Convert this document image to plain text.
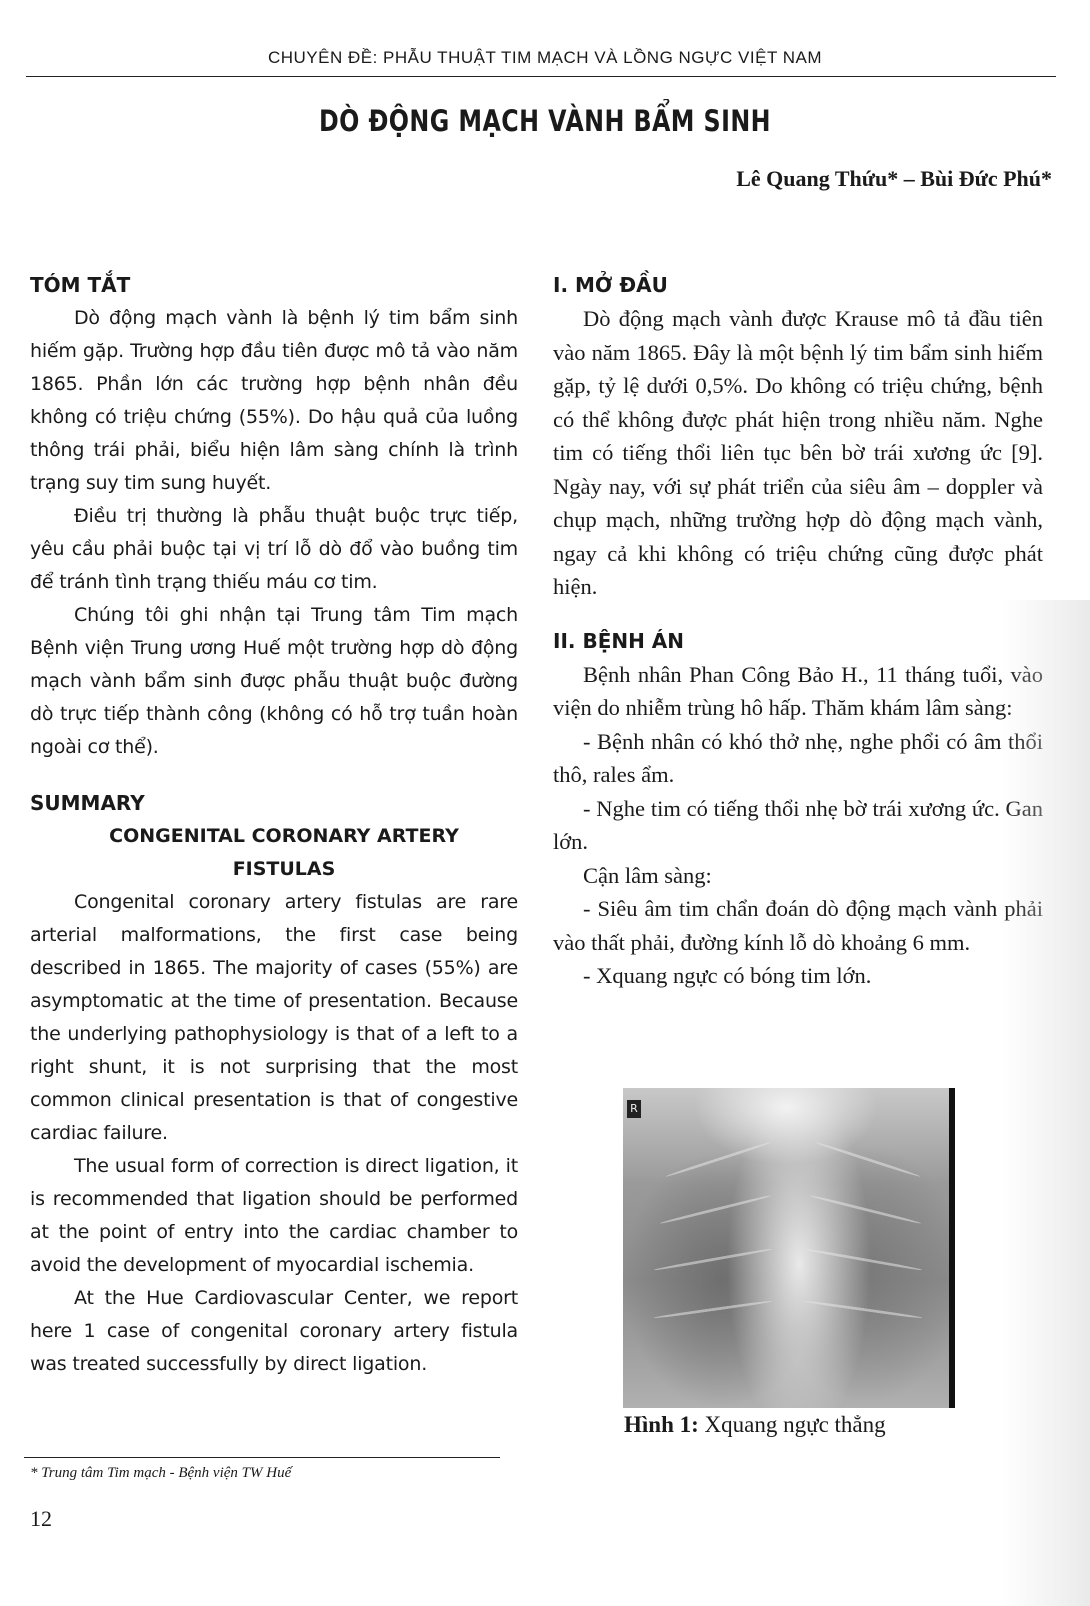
CHUYÊN ĐỀ: PHẪU THUẬT TIM MẠCH VÀ LỒNG NGỰC VIỆT NAM
DÒ ĐỘNG MẠCH VÀNH BẨM SINH
Lê Quang Thứu* – Bùi Đức Phú*
TÓM TẮT

Dò động mạch vành là bệnh lý tim bẩm sinh hiếm gặp. Trường hợp đầu tiên được mô tả vào năm 1865. Phần lớn các trường hợp bệnh nhân đều không có triệu chứng (55%). Do hậu quả của luồng thông trái phải, biểu hiện lâm sàng chính là trình trạng suy tim sung huyết.

Điều trị thường là phẫu thuật buộc trực tiếp, yêu cầu phải buộc tại vị trí lỗ dò đổ vào buồng tim để tránh tình trạng thiếu máu cơ tim.

Chúng tôi ghi nhận tại Trung tâm Tim mạch Bệnh viện Trung ương Huế một trường hợp dò động mạch vành bẩm sinh được phẫu thuật buộc đường dò trực tiếp thành công (không có hỗ trợ tuần hoàn ngoài cơ thể).

SUMMARY
CONGENITAL CORONARY ARTERY
FISTULAS

Congenital coronary artery fistulas are rare arterial malformations, the first case being described in 1865. The majority of cases (55%) are asymptomatic at the time of presentation. Because the underlying pathophysiology is that of a left to a right shunt, it is not surprising that the most common clinical presentation is that of congestive cardiac failure.

The usual form of correction is direct ligation, it is recommended that ligation should be performed at the point of entry into the cardiac chamber to avoid the development of myocardial ischemia.

At the Hue Cardiovascular Center, we report here 1 case of congenital coronary artery fistula was treated successfully by direct ligation.

I. MỞ ĐẦU

Dò động mạch vành được Krause mô tả đầu tiên vào năm 1865. Đây là một bệnh lý tim bẩm sinh hiếm gặp, tỷ lệ dưới 0,5%. Do không có triệu chứng, bệnh có thể không được phát hiện trong nhiều năm. Nghe tim có tiếng thổi liên tục bên bờ trái xương ức [9]. Ngày nay, với sự phát triển của siêu âm – doppler và chụp mạch, những trường hợp dò động mạch vành, ngay cả khi không có triệu chứng cũng được phát hiện.

II. BỆNH ÁN

Bệnh nhân Phan Công Bảo H., 11 tháng tuổi, vào viện do nhiễm trùng hô hấp. Thăm khám lâm sàng:

- Bệnh nhân có khó thở nhẹ, nghe phổi có âm thổi thô, rales ẩm.

- Nghe tim có tiếng thổi nhẹ bờ trái xương ức. Gan lớn.

Cận lâm sàng:

- Siêu âm tim chẩn đoán dò động mạch vành phải vào thất phải, đường kính lỗ dò khoảng 6 mm.

- Xquang ngực có bóng tim lớn.

R
Hình 1: Xquang ngực thẳng
* Trung tâm Tim mạch - Bệnh viện TW Huế
12
